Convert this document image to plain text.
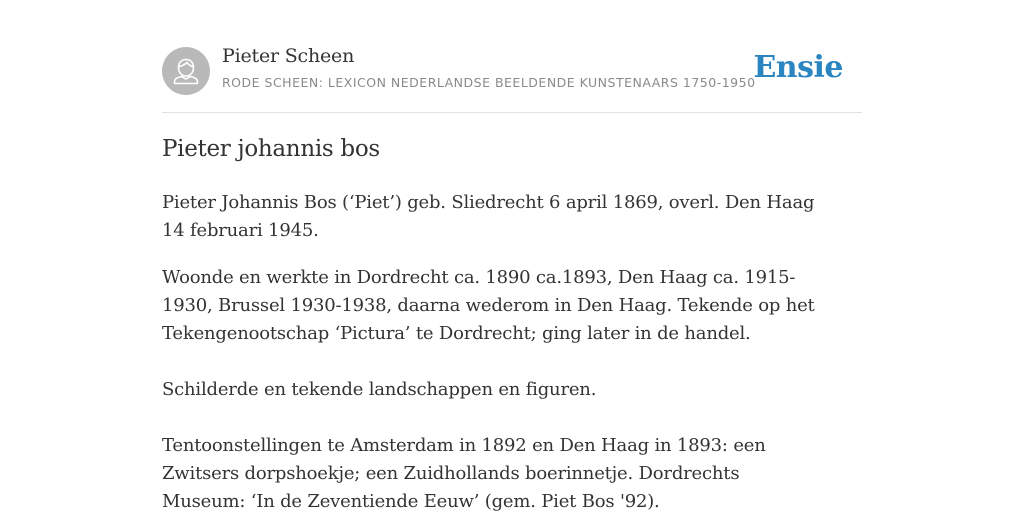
Pieter Scheen
RODE SCHEEN: LEXICON NEDERLANDSE BEELDENDE KUNSTENAARS 1750-1950
Ensie
Pieter johannis bos

Pieter Johannis Bos (‘Piet’) geb. Sliedrecht 6 april 1869, overl. Den Haag 14 februari 1945.

Woonde en werkte in Dordrecht ca. 1890 ca.1893, Den Haag ca. 1915-1930, Brussel 1930-1938, daarna wederom in Den Haag. Tekende op het Tekengenootschap ‘Pictura’ te Dordrecht; ging later in de handel.

Schilderde en tekende landschappen en figuren.

Tentoonstellingen te Amsterdam in 1892 en Den Haag in 1893: een Zwitsers dorpshoekje; een Zuidhollands boerinnetje. Dordrechts Museum: ‘In de Zeventiende Eeuw’ (gem. Piet Bos '92).
